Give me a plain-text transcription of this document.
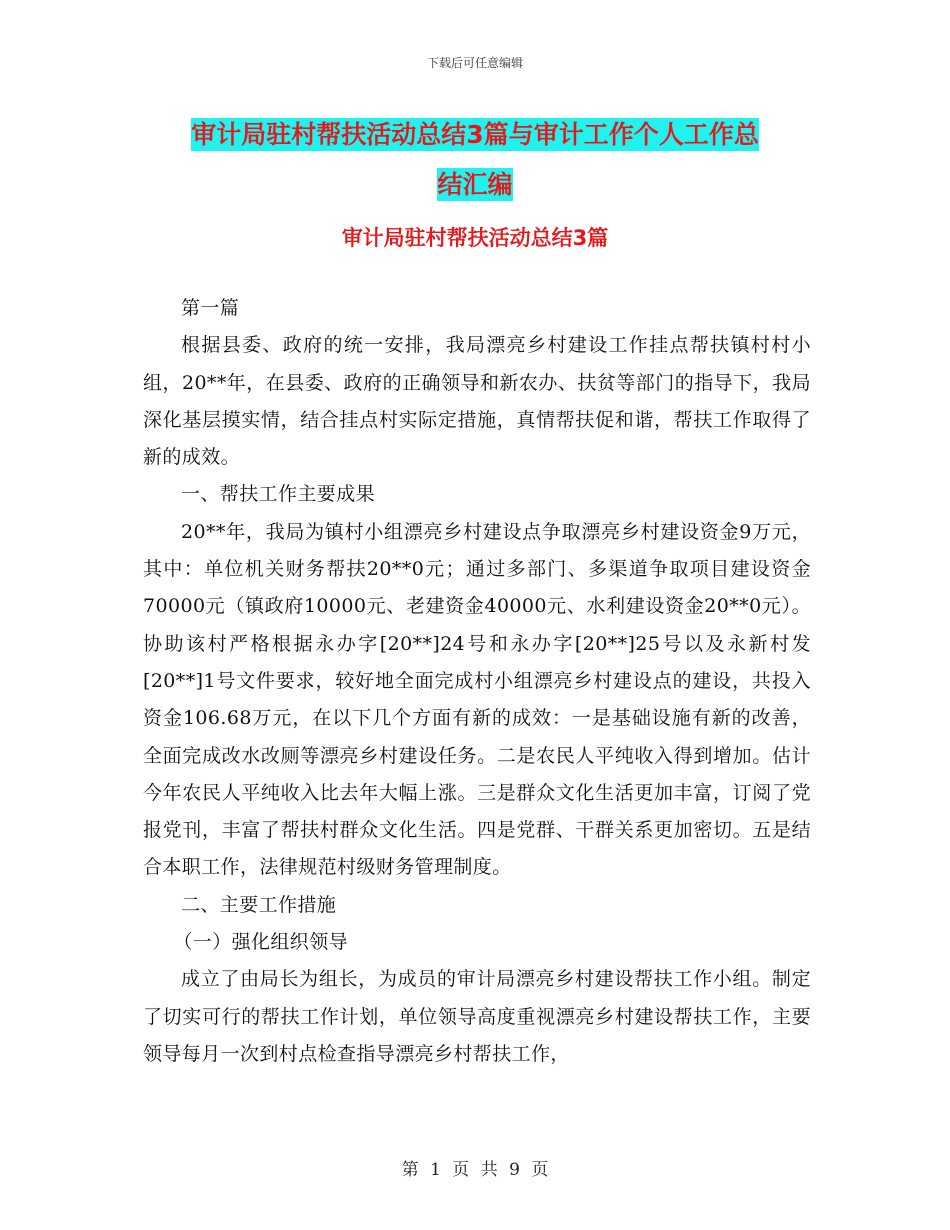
下载后可任意编辑
审计局驻村帮扶活动总结3篇与审计工作个人工作总
结汇编
审计局驻村帮扶活动总结3篇

第一篇

根据县委、政府的统一安排，我局漂亮乡村建设工作挂点帮扶镇村村小组，20**年，在县委、政府的正确领导和新农办、扶贫等部门的指导下，我局深化基层摸实情，结合挂点村实际定措施，真情帮扶促和谐，帮扶工作取得了新的成效。

一、帮扶工作主要成果

20**年，我局为镇村小组漂亮乡村建设点争取漂亮乡村建设资金9万元，其中：单位机关财务帮扶20**0元；通过多部门、多渠道争取项目建设资金70000元（镇政府10000元、老建资金40000元、水利建设资金20**0元）。协助该村严格根据永办字[20**]24号和永办字[20**]25号以及永新村发[20**]1号文件要求，较好地全面完成村小组漂亮乡村建设点的建设，共投入资金106.68万元，在以下几个方面有新的成效：一是基础设施有新的改善，全面完成改水改厕等漂亮乡村建设任务。二是农民人平纯收入得到增加。估计今年农民人平纯收入比去年大幅上涨。三是群众文化生活更加丰富，订阅了党报党刊，丰富了帮扶村群众文化生活。四是党群、干群关系更加密切。五是结合本职工作，法律规范村级财务管理制度。

二、主要工作措施

（一）强化组织领导

成立了由局长为组长，为成员的审计局漂亮乡村建设帮扶工作小组。制定了切实可行的帮扶工作计划，单位领导高度重视漂亮乡村建设帮扶工作，主要领导每月一次到村点检查指导漂亮乡村帮扶工作，

第 1 页 共 9 页
